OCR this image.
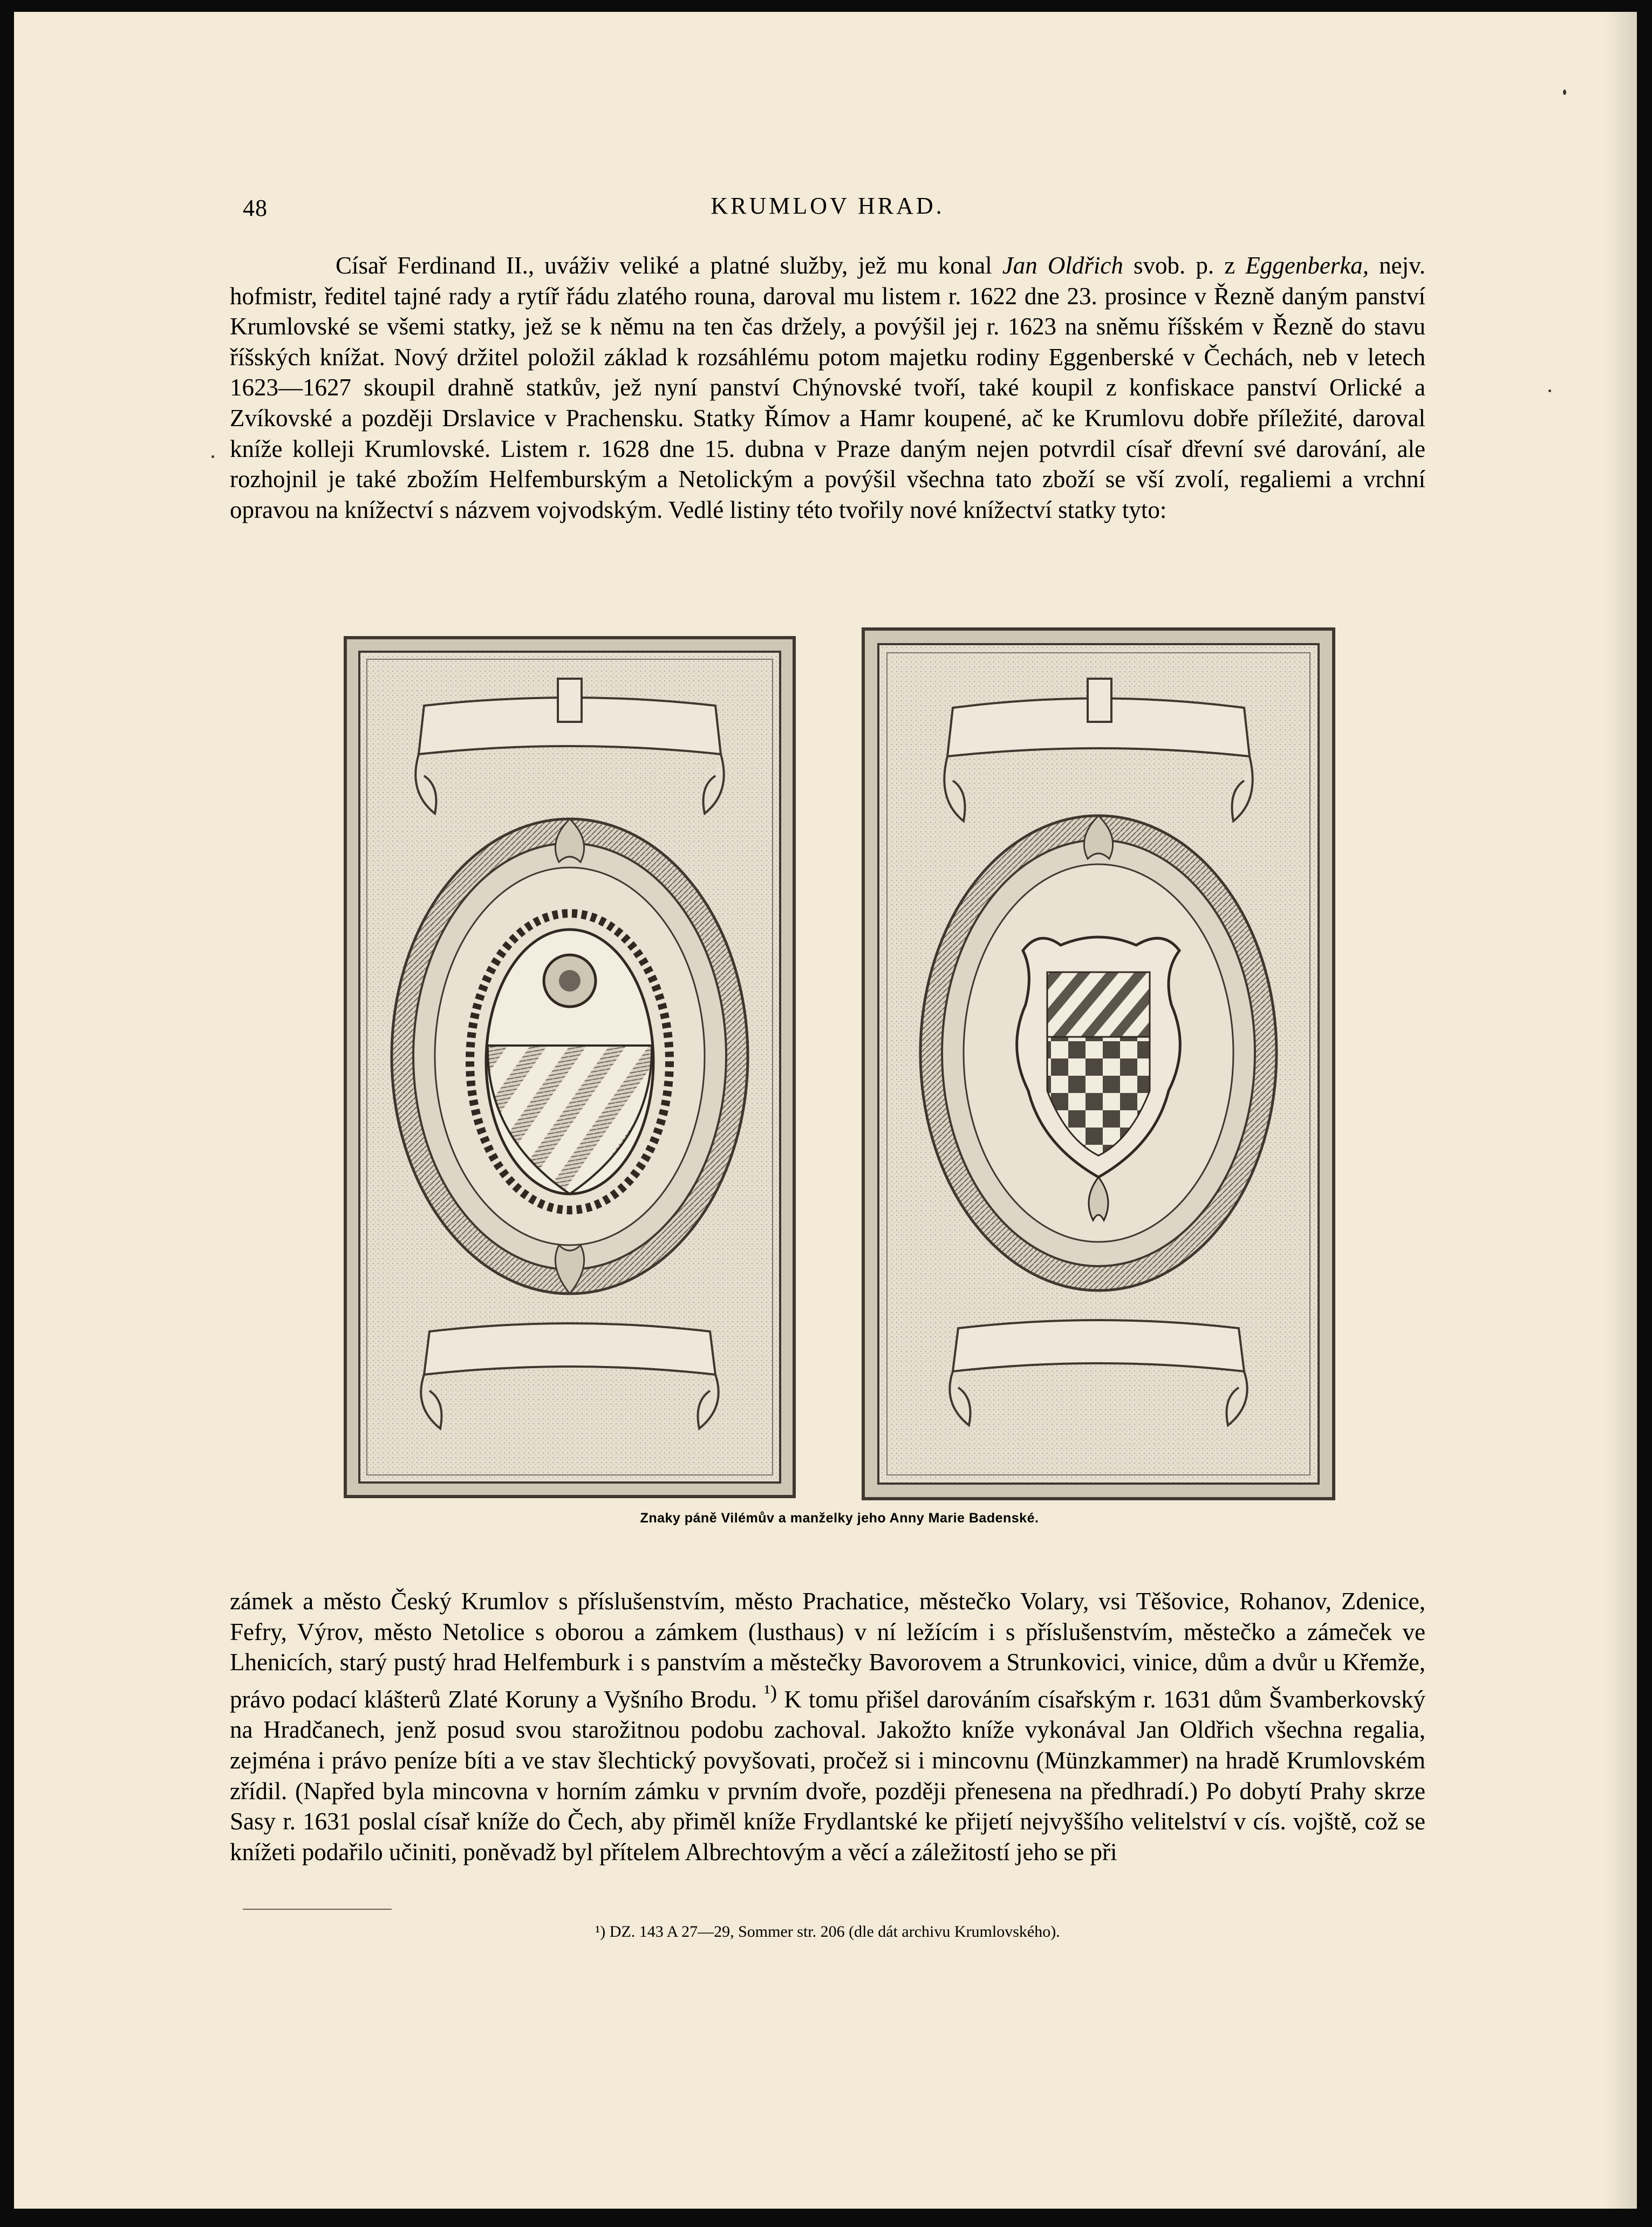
48	KRUMLOV HRAD.

Císař Ferdinand II., uváživ veliké a platné služby, jež mu konal Jan Oldřich svob. p. z Eggenberka, nejv. hofmistr, ředitel tajné rady a rytíř řádu zlatého rouna, daroval mu listem r. 1622 dne 23. prosince v Řezně daným panství Krumlovské se všemi statky, jež se k němu na ten čas držely, a povýšil jej r. 1623 na sněmu říšském v Řezně do stavu říšských knížat. Nový držitel položil základ k rozsáhlému potom majetku rodiny Eggenberské v Čechách, neb v letech 1623—1627 skoupil drahně statkův, jež nyní panství Chýnovské tvoří, také koupil z konfiskace panství Orlické a Zvíkovské a později Drslavice v Prachensku. Statky Římov a Hamr koupené, ač ke Krumlovu dobře příležité, daroval kníže kolleji Krumlovské. Listem r. 1628 dne 15. dubna v Praze daným nejen potvrdil císař dřevní své darování, ale rozhojnil je také zbožím Helfemburským a Netolickým a povýšil všechna tato zboží se vší zvolí, regaliemi a vrchní opravou na knížectví s názvem vojvodským. Vedlé listiny této tvořily nové knížectví statky tyto:

Znaky páně Vilémův a manželky jeho Anny Marie Badenské.

zámek a město Český Krumlov s příslušenstvím, město Prachatice, městečko Volary, vsi Těšovice, Rohanov, Zdenice, Fefry, Výrov, město Netolice s oborou a zámkem (lusthaus) v ní ležícím i s příslušenstvím, městečko a zámeček ve Lhenicích, starý pustý hrad Helfemburk i s panstvím a městečky Bavorovem a Strunkovici, vinice, dům a dvůr u Křemže, právo podací klášterů Zlaté Koruny a Vyšního Brodu. $^{^1)}$ K tomu přišel darováním císařským r. 1631 dům Švamberkovský na Hradčanech, jenž posud svou starožitnou podobu zachoval. Jakožto kníže vykonával Jan Oldřich všechna regalia, zejména i právo peníze bíti a ve stav šlechtický povyšovati, pročež si i mincovnu (Münzkammer) na hradě Krumlovském zřídil. (Napřed byla mincovna v horním zámku v prvním dvoře, později přenesena na předhradí.) Po dobytí Prahy skrze Sasy r. 1631 poslal císař kníže do Čech, aby přiměl kníže Frydlantské ke přijetí nejvyššího velitelství v cís. vojště, což se knížeti podařilo učiniti, poněvadž byl přítelem Albrechtovým a věcí a záležitostí jeho se při

¹) DZ. 143 A 27—29, Sommer str. 206 (dle dát archivu Krumlovského).
